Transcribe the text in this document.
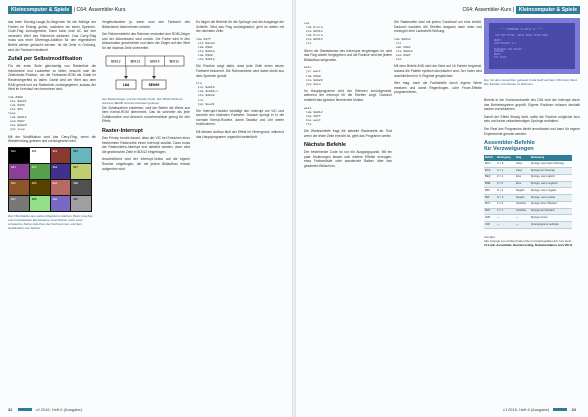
Kleincomputer & Spiele | C64: Assembler-Kurs

das beim Dreckig-Lauge-Zu-Beginnen für die Abfolge der Farben im Eintrag gelöst, nachdem sie einen Speicher-Code-Flag zurückgesetzt. Dann kann man AC auf den neuesten Wert des Rahmens addieren. Das Carry-Flag muss aus einer Übertrags-Addition für den eigentlichen Befehl wieder gelöscht werden. Ist die Zeile in Ordnung, wird der Farbwert bestimmt.

Zufall per Selbstmodifikation

Für die erste Stufe gleichzeitig von Rasterlinie die Handreiche und Laufzeiten zu fallen, braucht man die Zeilenfarbe-Position, um die Farbwerte-ROM als Zufall im Rasterzeigerfeld zu laden. Damit wird der Wert aus dem RAM geholt und zur Rasterlinie zurückgegeben, sodass der Wert im Kreislauf neu berechnet wird.

lda #$00
sta $d021
lda #$36
sta $01
loop
lda $d012
and #$07
sta $d020
jmp loop

Mit der Modifikation wird das Carry-Flag, wenn die Wiederholung gelesen und zurückgesetzt wird.

$00	$01	$02	$03
$04	$05	$06	$07
$08	$09	$0A	$0B
$0C	$0D	$0E	$0F
Die C64-Palette aus sieben Registernr-Farben: Beim Löschen und zurückwirken Einzelsteine verschieben unter einer schwarzen Farbe zwischen der Farbnummer und dem Grafikstatus der Sprites.

Vergleichswerte ja, wenn man den Farbwert des Bildschirms übernehmen möchte.

Der Rahmenbefehl des Rahmen verändert den ROM-Zeiger und der Akkumulator wird zurück. Die Farbe wird in den Akkumulator geschrieben und dann der Zeiger auf den Wert für die nächste Zeile vorbereitet.

$D012	$D013	$D014	$D015
LDA	$E000
Der Rasterzeiger und der Zufalls-Code: Der ROM-Inhalt an Adresse $E000 wird als Farbwert gelesen.

Die Zufallszahlen entstehen, weil der Befehl die Werte aus dem Kernal-ROM übernimmt. Das ist schneller als jede Zufallsroutine und dennoch unvorhersehbar genug für den Effekt.

Raster-Interrupt

Das Prinzip beruht darauf, dass der VIC bei Erreichen einer bestimmten Rasterzeile einen Interrupt auslöst. Dazu muss der Rasterzeilen-Interrupt erst aktiviert werden, dann wird die gewünschte Zeile in $D012 eingetragen.

Anschließend wird der Interrupt-Vektor auf die eigene Routine umgebogen, die mit jedem Bildaufbau einmal aufgerufen wird.

Es folgen die Befehle für die Sprünge und die Ausgänge der Schleife. Wird das Flag zurückgesetzt, geht es weiter mit der nächsten Zeile.

lda #$7f
sta $dc0d
lda #$01
sta $d01a
lda #$80
sta $d012

Die Routine sorgt dafür, dass jede Zeile einen neuen Farbwert bekommt. Die Rahmenfarbe wird dabei direkt aus dem Speicher geholt.

irq
inc $d019
lda $e000,x
sta $d020
inx
jmp $ea31

Der Interrupt-Handler bestätigt den Interrupt am VIC und schreibt den nächsten Farbwert. Danach springt er in die normale Kernal-Routine, damit Tastatur und Uhr weiter funktionieren.

Mit diesem Aufbau läuft der Effekt im Hintergrund, während das Hauptprogramm ungestört weiterläuft.

32	c't 2016, Heft 6 (Ausgabe)
C64: Assembler-Kurs | Kleincomputer & Spiele
sei
lda #<irq
sta $0314
lda #>irq
sta $0315
cli

Wenn die Startadresse des Interrupts eingetragen ist, wird das Flag wieder freigegeben und die Routine wird bei jedem Bildaufbau aufgerufen.

main
jsr wait
lda #$00
sta $d020
jmp main

Im Hauptprogramm wird der Rahmen zurückgesetzt, während der Interrupt für die Streifen sorgt. Dadurch entsteht das typische flimmernde Muster.

wait
lda $d012
cmp #$ff
bne wait
rts

Die Warteschleife fragt die aktuelle Rasterzeile ab. Erst wenn die letzte Zeile erreicht ist, geht das Programm weiter.

Nächste Befehle

Der bestehende Code ist nur ein Ausgangspunkt. Mit ein paar Änderungen lassen sich weitere Effekte erzeugen, etwa Farbverläufe oder wandernde Balken über den gesamten Bildschirm.

Die Rasterzeile wird mit jedem Durchlauf um eins erhöht. Dadurch wandern die Streifen langsam nach oben und erzeugen eine Laufschrift-Wirkung.

lda $d012
clc
adc #$01
sta $d012
and #$0f
tax

Mit dem Befehl AND wird der Wert auf 16 Farben begrenzt, sodass die Palette zyklisch durchlaufen wird. Der Index wird anschließend im X-Register gespeichert.

Wer mag, kann die Farbtabelle durch eigene Werte ersetzen und damit Regenbogen- oder Feuer-Effekte programmieren.

**** COMMODORE 64 BASIC V2 ****

64K RAM SYSTEM  38911 BASIC BYTES FREE

READY.
LOAD"RASTER",8,1

SEARCHING FOR RASTER
LOADING
READY.
SYS 49152
Der mit dem Assembler gebaute Code läuft auf dem C64 beim Start. Die Streifen erscheinen im Rahmen.

Bereits in der Kommandozeile des C64 wird der Interrupt durch das Betriebssystem geprüft. Eigene Routinen müssen deshalb sauber zurückkehren.

Damit der Effekt flüssig läuft, sollte die Routine möglichst kurz sein und keine zeitaufwendigen Sprünge enthalten.

Der Rest des Programms bleibt unverändert und kann für eigene Experimente genutzt werden.

Assembler-Befehle
für Verzweigungen
Befehl	Bedingung	Flag	Bedeutung
BCC	C = 0	Carry	Springe, wenn kein Übertrag
BCS	C = 1	Carry	Springe bei Übertrag
BEQ	Z = 1	Zero	Springe, wenn gleich
BNE	Z = 0	Zero	Springe, wenn ungleich
BMI	N = 1	Negativ	Springe, wenn negativ
BPL	N = 0	Negativ	Springe, wenn positiv
BVC	V = 0	Overflow	Springe ohne Überlauf
BVS	V = 1	Overflow	Springe bei Überlauf
JMP	—	—	Springe immer
JSR	—	—	Unterprogramm aufrufen
Literatur
Alle Listings zum Artikel finden Sie im Downloadbereich zum Heft.
c't-Link: Assembler, Kernal-Listing, Dokumentation zum VIC-II
c't 2016, Heft 6 (Ausgabe)	33
